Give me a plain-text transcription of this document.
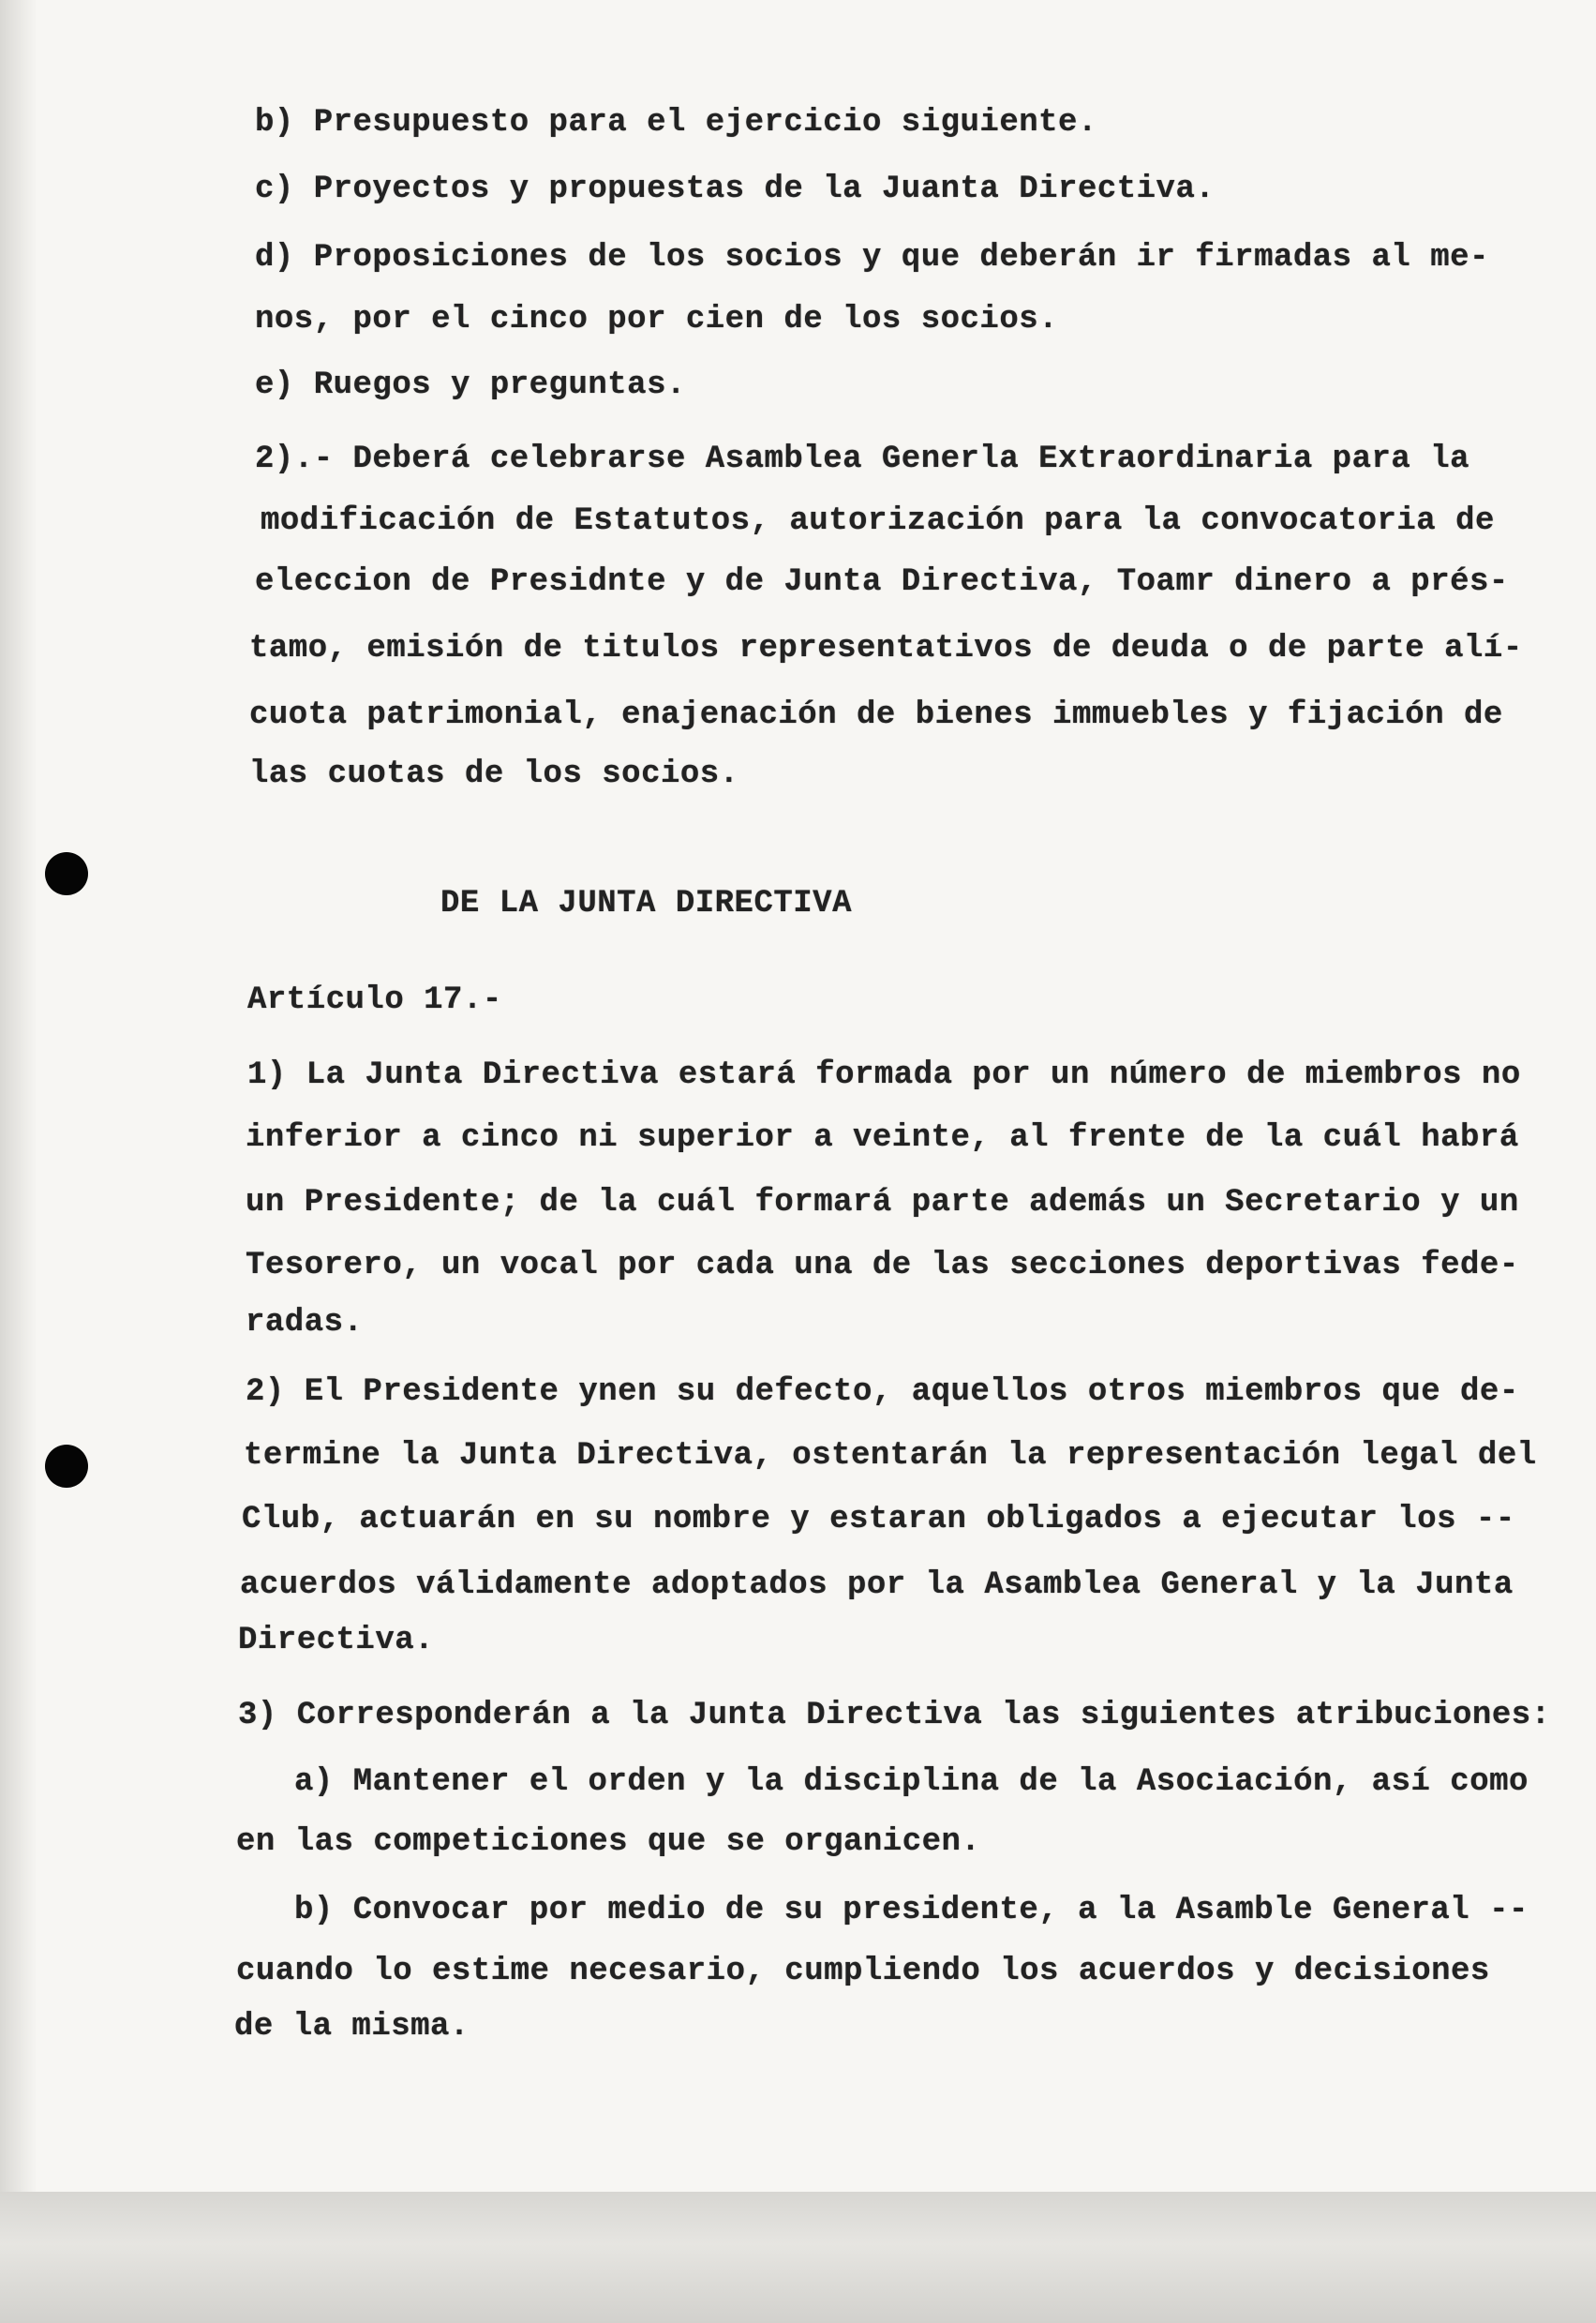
b) Presupuesto para el ejercicio siguiente.
c) Proyectos y propuestas de la Juanta Directiva.
d) Proposiciones de los socios y que deberán ir firmadas al me-
nos, por el cinco por cien de los socios.
e) Ruegos y preguntas.
2).- Deberá celebrarse Asamblea Generla Extraordinaria para la
modificación de Estatutos, autorización para la convocatoria de
eleccion de Presidnte y de Junta Directiva, Toamr dinero a prés-
tamo, emisión de titulos representativos de deuda o de parte alí-
cuota patrimonial, enajenación de bienes immuebles y fijación de
las cuotas de los socios.
DE LA JUNTA DIRECTIVA
Artículo 17.-
1) La Junta Directiva estará formada por un número de miembros no
inferior a cinco ni superior a veinte, al frente de la cuál habrá
un Presidente; de la cuál formará parte además un Secretario y un
Tesorero, un vocal por cada una de las secciones deportivas fede-
radas.
2) El Presidente ynen su defecto, aquellos otros miembros que de-
termine la Junta Directiva, ostentarán la representación legal del
Club, actuarán en su nombre y estaran obligados a ejecutar los --
acuerdos válidamente adoptados por la Asamblea General y la Junta
Directiva.
3) Corresponderán a la Junta Directiva las siguientes atribuciones:
a) Mantener el orden y la disciplina de la Asociación, así como
en las competiciones que se organicen.
b) Convocar por medio de su presidente, a la Asamble General --
cuando lo estime necesario, cumpliendo los acuerdos y decisiones
de la misma.
